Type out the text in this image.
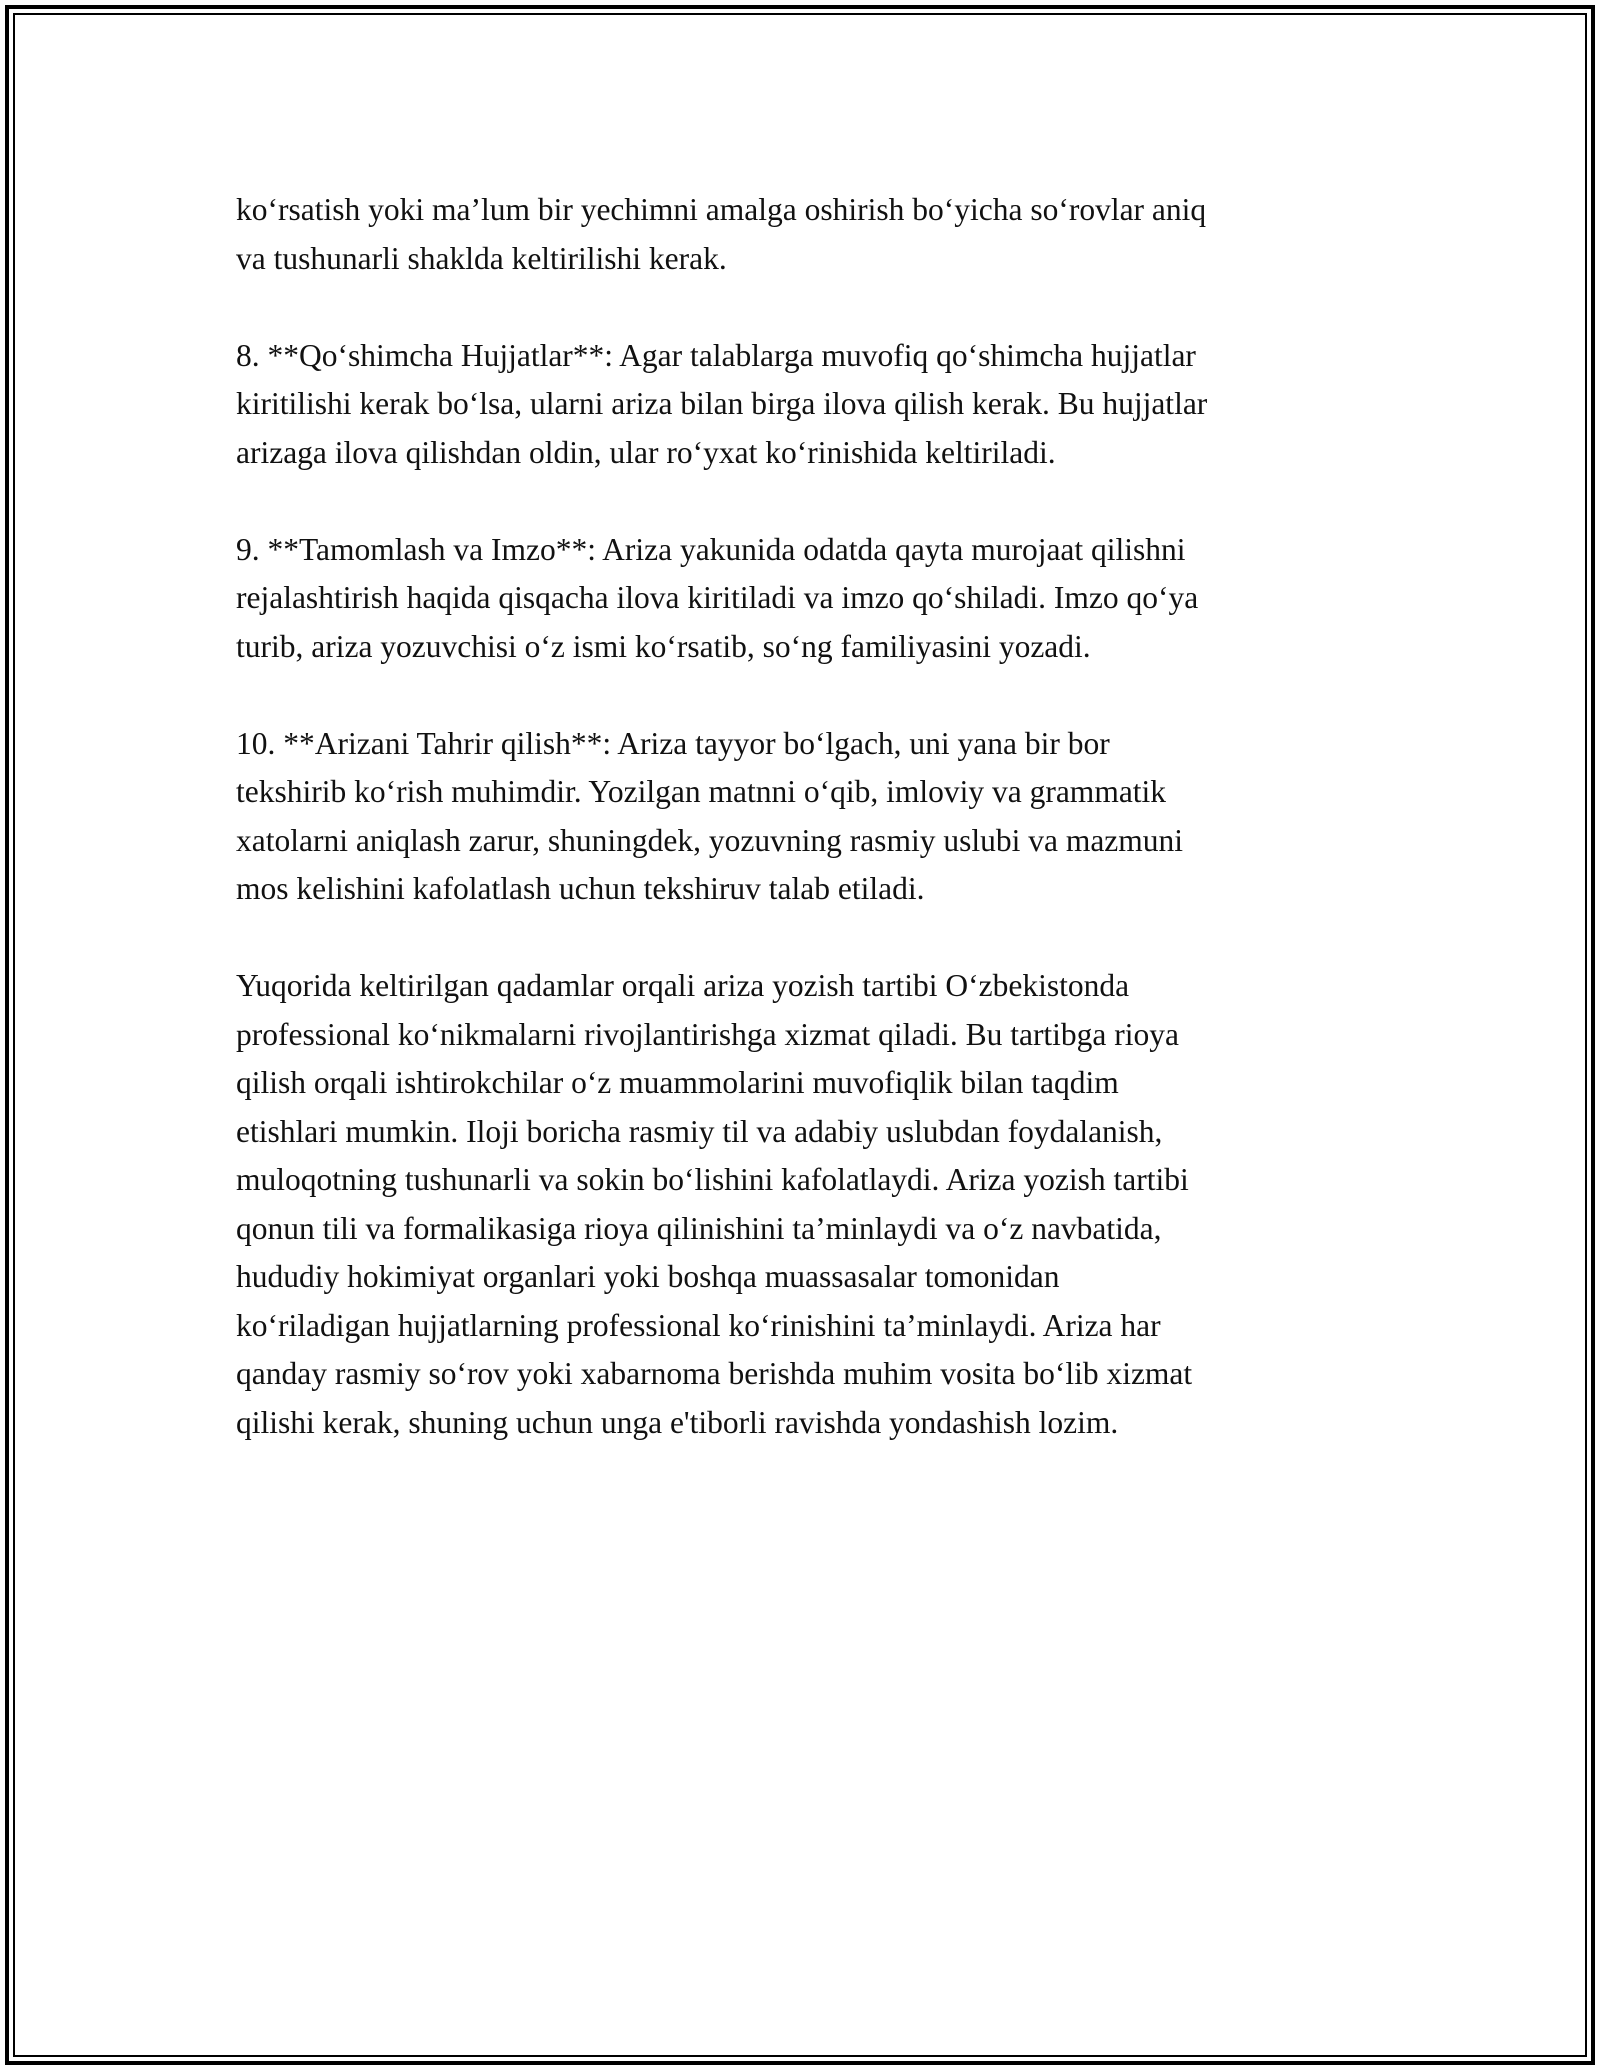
ko‘rsatish yoki ma’lum bir yechimni amalga oshirish bo‘yicha so‘rovlar aniq
va tushunarli shaklda keltirilishi kerak.

8. **Qo‘shimcha Hujjatlar**: Agar talablarga muvofiq qo‘shimcha hujjatlar
kiritilishi kerak bo‘lsa, ularni ariza bilan birga ilova qilish kerak. Bu hujjatlar
arizaga ilova qilishdan oldin, ular ro‘yxat ko‘rinishida keltiriladi.

9. **Tamomlash va Imzo**: Ariza yakunida odatda qayta murojaat qilishni
rejalashtirish haqida qisqacha ilova kiritiladi va imzo qo‘shiladi. Imzo qo‘ya
turib, ariza yozuvchisi o‘z ismi ko‘rsatib, so‘ng familiyasini yozadi.

10. **Arizani Tahrir qilish**: Ariza tayyor bo‘lgach, uni yana bir bor
tekshirib ko‘rish muhimdir. Yozilgan matnni o‘qib, imloviy va grammatik
xatolarni aniqlash zarur, shuningdek, yozuvning rasmiy uslubi va mazmuni
mos kelishini kafolatlash uchun tekshiruv talab etiladi.

Yuqorida keltirilgan qadamlar orqali ariza yozish tartibi O‘zbekistonda
professional ko‘nikmalarni rivojlantirishga xizmat qiladi. Bu tartibga rioya
qilish orqali ishtirokchilar o‘z muammolarini muvofiqlik bilan taqdim
etishlari mumkin. Iloji boricha rasmiy til va adabiy uslubdan foydalanish,
muloqotning tushunarli va sokin bo‘lishini kafolatlaydi. Ariza yozish tartibi
qonun tili va formalikasiga rioya qilinishini ta’minlaydi va o‘z navbatida,
hududiy hokimiyat organlari yoki boshqa muassasalar tomonidan
ko‘riladigan hujjatlarning professional ko‘rinishini ta’minlaydi. Ariza har
qanday rasmiy so‘rov yoki xabarnoma berishda muhim vosita bo‘lib xizmat
qilishi kerak, shuning uchun unga e'tiborli ravishda yondashish lozim.
